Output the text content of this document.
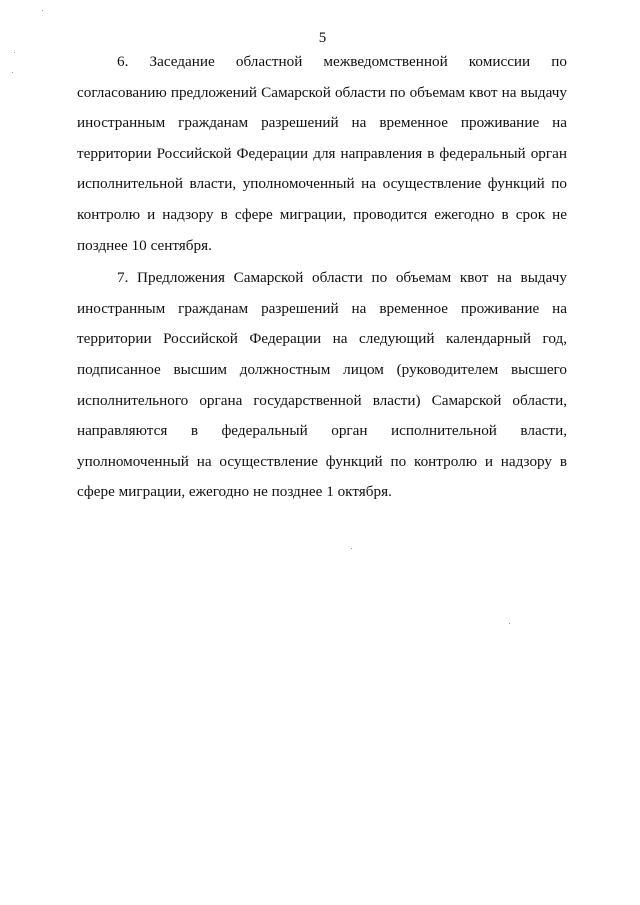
5

6. Заседание областной межведомственной комиссии по согласованию предложений Самарской области по объемам квот на выдачу иностранным гражданам разрешений на временное проживание на территории Российской Федерации для направления в федеральный орган исполнительной власти, уполномоченный на осуществление функций по контролю и надзору в сфере миграции, проводится ежегодно в срок не позднее 10 сентября.

7. Предложения Самарской области по объемам квот на выдачу иностранным гражданам разрешений на временное проживание на территории Российской Федерации на следующий календарный год, подписанное высшим должностным лицом (руководителем высшего исполнительного органа государственной власти) Самарской области, направляются в федеральный орган исполнительной власти, уполномоченный на осуществление функций по контролю и надзору в сфере миграции, ежегодно не позднее 1 октября.
